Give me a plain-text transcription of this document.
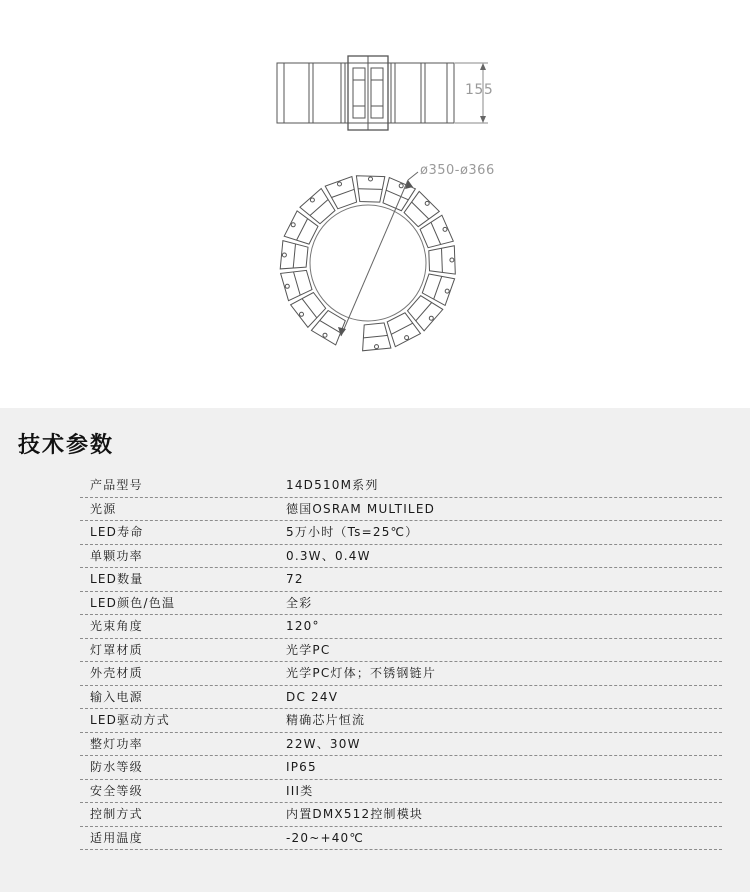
155
ø350-ø366
技术参数
产品型号	14D510M系列
光源	德国OSRAM MULTILED
LED寿命	5万小时（Ts=25℃）
单颗功率	0.3W、0.4W
LED数量	72
LED颜色/色温	全彩
光束角度	120°
灯罩材质	光学PC
外壳材质	光学PC灯体；不锈钢链片
输入电源	DC 24V
LED驱动方式	精确芯片恒流
整灯功率	22W、30W
防水等级	IP65
安全等级	III类
控制方式	内置DMX512控制模块
适用温度	-20~+40℃
